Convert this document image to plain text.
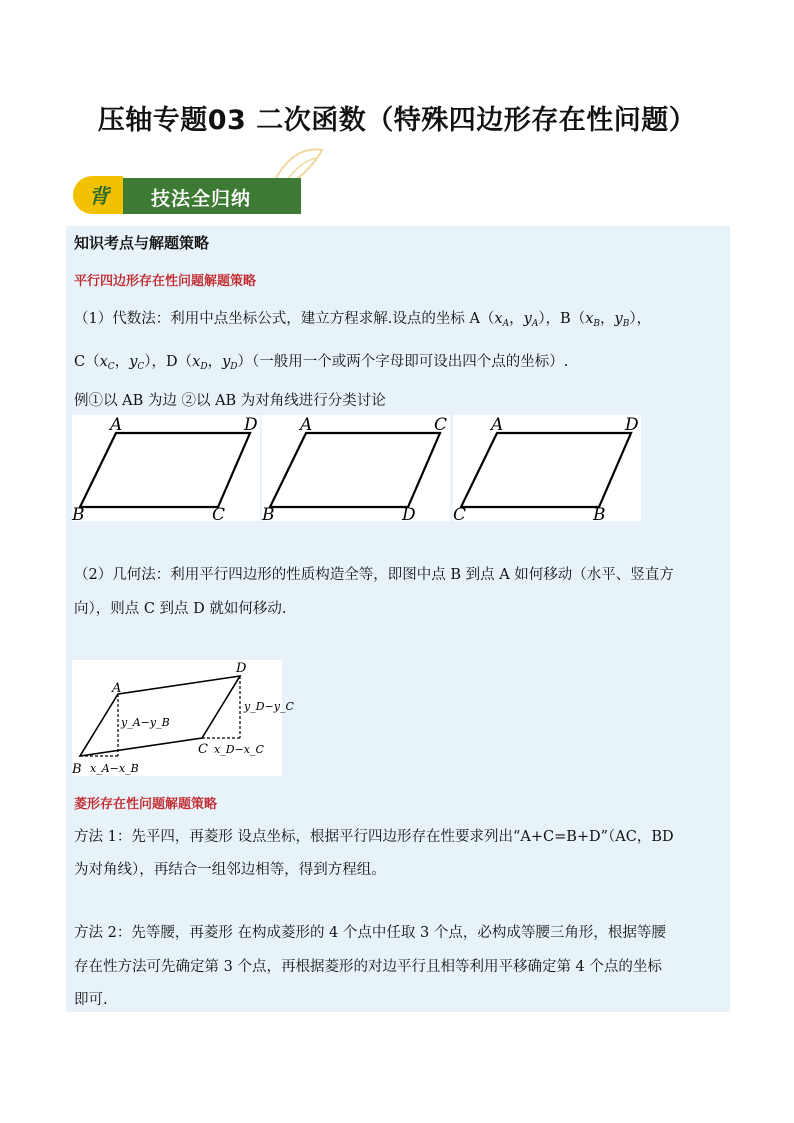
压轴专题03 二次函数（特殊四边形存在性问题）
背 技法全归纳
知识考点与解题策略
平行四边形存在性问题解题策略
（1）代数法：利用中点坐标公式，建立方程求解.设点的坐标 $A(x_A$，$y_A$），$B(x_B$，$y_B$），
$C(x_C$，$y_C$），$D(x_D$，$y_D$）（一般用一个或两个字母即可设出四个点的坐标）.
例①以 AB 为边 ②以 AB 为对角线进行分类讨论
A	D
B	C
A	C
B	D
A	D
C	B
（2）几何法：利用平行四边形的性质构造全等，即图中点 B 到点 A 如何移动（水平、竖直方
向），则点 C 到点 D 就如何移动.
A
D
B
C
y_A−y_B
y_D−y_C
x_A−x_B
x_D−x_C
菱形存在性问题解题策略
方法 1：先平四，再菱形 设点坐标，根据平行四边形存在性要求列出“A+C=B+D”（AC，BD
为对角线），再结合一组邻边相等，得到方程组。
方法 2：先等腰，再菱形 在构成菱形的 4 个点中任取 3 个点，必构成等腰三角形，根据等腰
存在性方法可先确定第 3 个点，再根据菱形的对边平行且相等利用平移确定第 4 个点的坐标
即可.
